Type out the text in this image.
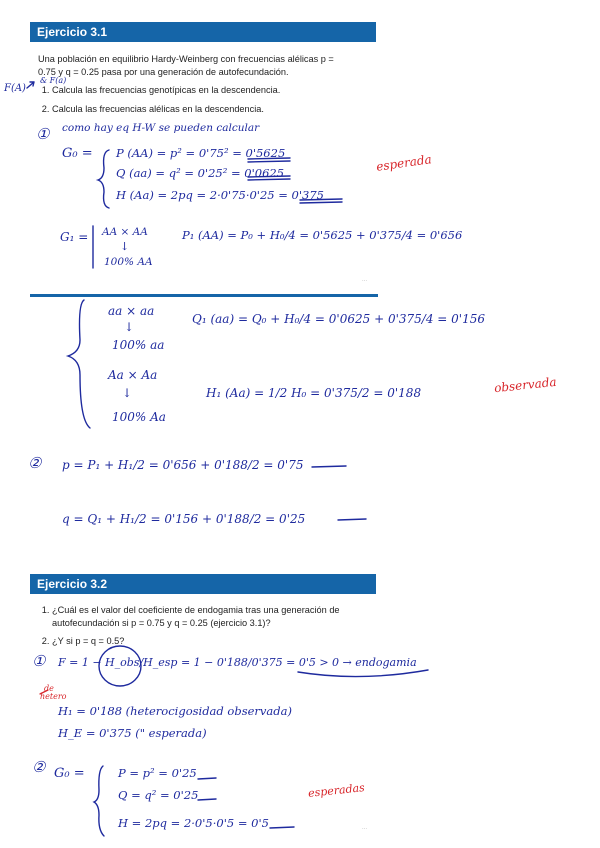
Ejercicio 3.1

Una población en equilibrio Hardy-Weinberg con frecuencias alélicas p =

0.75 y q = 0.25 pasa por una generación de autofecundación.

1. Calcula las frecuencias genotípicas en la descendencia.
2. Calcula las frecuencias alélicas en la descendencia.
···
Ejercicio 3.2
1. ¿Cuál es el valor del coeficiente de endogamia tras una generación de
autofecundación si p = 0.75 y q = 0.25 (ejercicio 3.1)?
2. ¿Y si p = q = 0.5?
···
F(A)
& F(a)
① como hay eq H-W se pueden calcular
G₀ = P (AA) = p² = 0'75² = 0'5625
Q (aa) = q² = 0'25² = 0'0625
H (Aa) = 2pq = 2·0'75·0'25 = 0'375
esperada
G₁ = AA × AA
↓
100% AA
P₁ (AA) = P₀ + H₀/4 = 0'5625 + 0'375/4 = 0'656
aa × aa
↓
100% aa
Q₁ (aa) = Q₀ + H₀/4 = 0'0625 + 0'375/4 = 0'156
Aa × Aa
↓
100% Aa
H₁ (Aa) = 1/2 H₀ = 0'375/2 = 0'188	observada
② p = P₁ + H₁/2 = 0'656 + 0'188/2 = 0'75
q = Q₁ + H₁/2 = 0'156 + 0'188/2 = 0'25
① F = 1 − H_obs/H_esp = 1 − 0'188/0'375 = 0'5 > 0 → endogamia
de
hetero
H₁ = 0'188 (heterocigosidad observada)
H_E = 0'375 (" esperada)
② G₀ =	P = p² = 0'25
Q = q² = 0'25
H = 2pq = 2·0'5·0'5 = 0'5
esperadas
